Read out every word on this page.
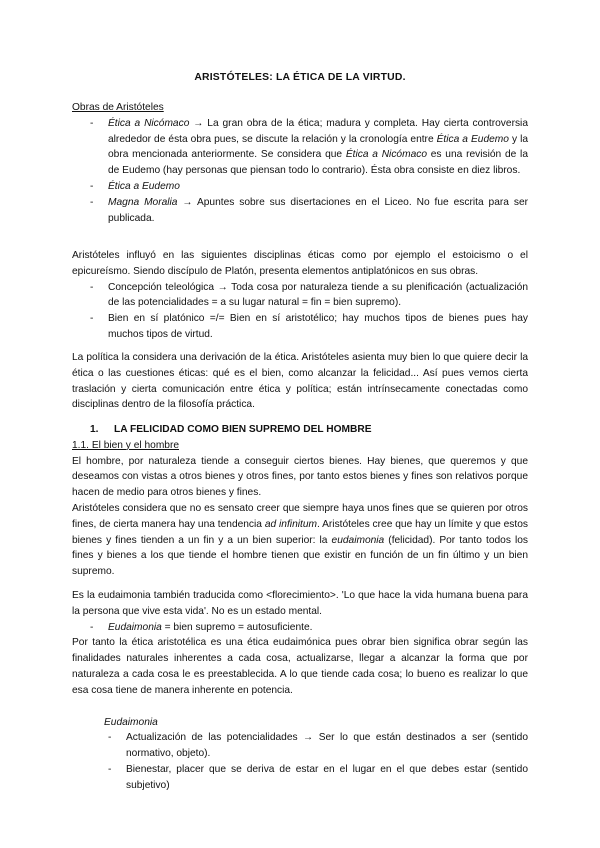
ARISTÓTELES: LA ÉTICA DE LA VIRTUD.
Obras de Aristóteles
- Ética a Nicómaco → La gran obra de la ética; madura y completa. Hay cierta controversia alrededor de ésta obra pues, se discute la relación y la cronología entre Ética a Eudemo y la obra mencionada anteriormente. Se considera que Ética a Nicómaco es una revisión de la de Eudemo (hay personas que piensan todo lo contrario). Ésta obra consiste en diez libros.
- Ética a Eudemo
- Magna Moralia → Apuntes sobre sus disertaciones en el Liceo. No fue escrita para ser publicada.

Aristóteles influyó en las siguientes disciplinas éticas como por ejemplo el estoicismo o el epicureísmo. Siendo discípulo de Platón, presenta elementos antiplatónicos en sus obras.

- Concepción teleológica → Toda cosa por naturaleza tiende a su plenificación (actualización de las potencialidades = a su lugar natural = fin = bien supremo).
- Bien en sí platónico =/= Bien en sí aristotélico; hay muchos tipos de bienes pues hay muchos tipos de virtud.

La política la considera una derivación de la ética. Aristóteles asienta muy bien lo que quiere decir la ética o las cuestiones éticas: qué es el bien, como alcanzar la felicidad... Así pues vemos cierta traslación y cierta comunicación entre ética y política; están intrínsecamente conectadas como disciplinas dentro de la filosofía práctica.

1. LA FELICIDAD COMO BIEN SUPREMO DEL HOMBRE
1.1. El bien y el hombre

El hombre, por naturaleza tiende a conseguir ciertos bienes. Hay bienes, que queremos y que deseamos con vistas a otros bienes y otros fines, por tanto estos bienes y fines son relativos porque hacen de medio para otros bienes y fines.

Aristóteles considera que no es sensato creer que siempre haya unos fines que se quieren por otros fines, de cierta manera hay una tendencia ad infinitum. Aristóteles cree que hay un límite y que estos bienes y fines tienden a un fin y a un bien superior: la eudaimonia (felicidad). Por tanto todos los fines y bienes a los que tiende el hombre tienen que existir en función de un fin último y un bien supremo.

Es la eudaimonia también traducida como <florecimiento>. 'Lo que hace la vida humana buena para la persona que vive esta vida'. No es un estado mental.

- Eudaimonia = bien supremo = autosuficiente.

Por tanto la ética aristotélica es una ética eudaimónica pues obrar bien significa obrar según las finalidades naturales inherentes a cada cosa, actualizarse, llegar a alcanzar la forma que por naturaleza a cada cosa le es preestablecida. A lo que tiende cada cosa; lo bueno es realizar lo que esa cosa tiene de manera inherente en potencia.

Eudaimonia
- Actualización de las potencialidades → Ser lo que están destinados a ser (sentido normativo, objeto).
- Bienestar, placer que se deriva de estar en el lugar en el que debes estar (sentido subjetivo)
